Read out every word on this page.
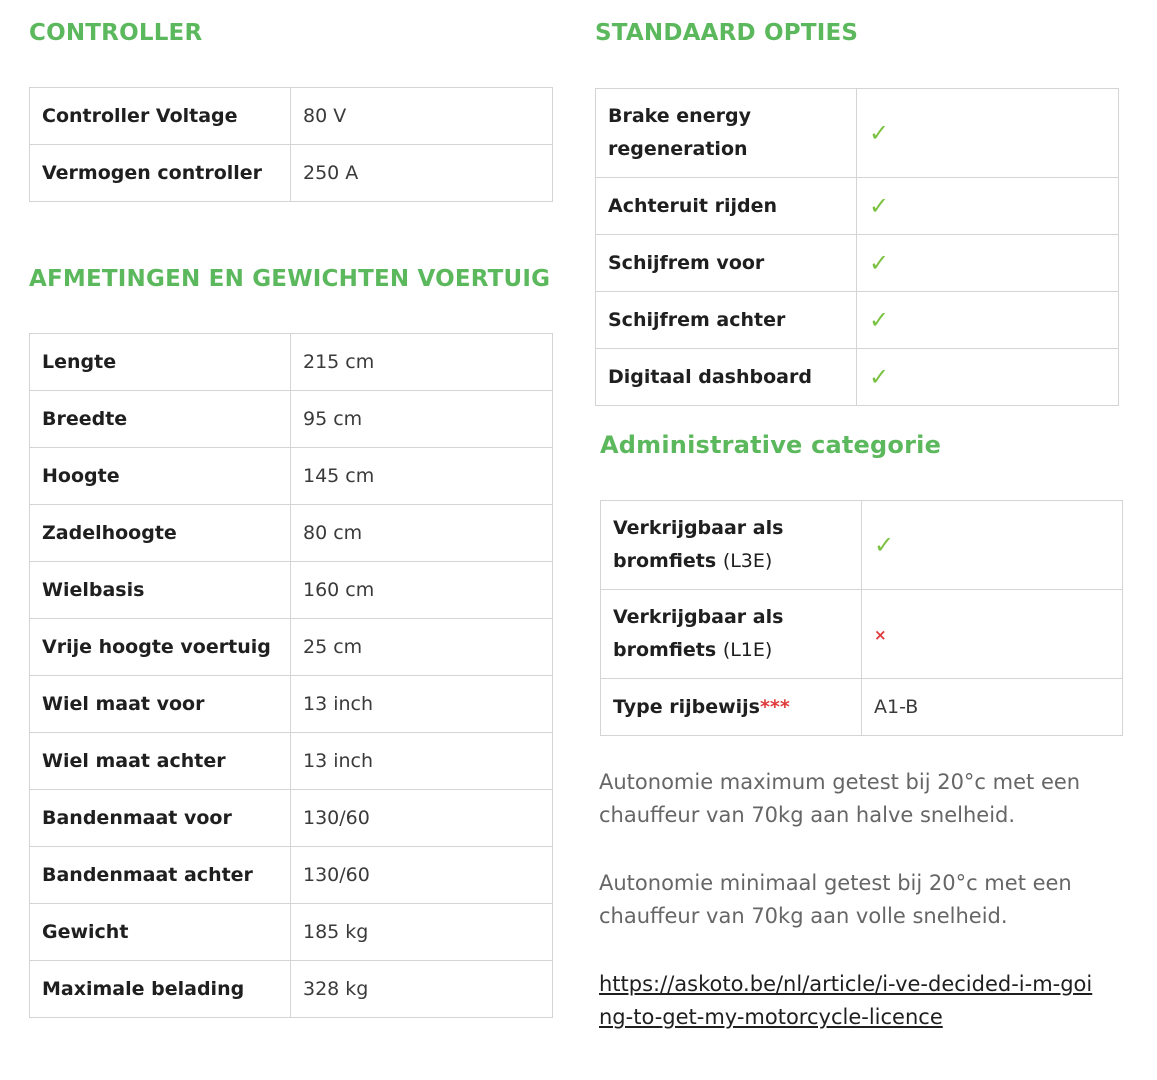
CONTROLLER
Controller Voltage	80 V
Vermogen controller	250 A
AFMETINGEN EN GEWICHTEN VOERTUIG
Lengte	215 cm
Breedte	95 cm
Hoogte	145 cm
Zadelhoogte	80 cm
Wielbasis	160 cm
Vrije hoogte voertuig	25 cm
Wiel maat voor	13 inch
Wiel maat achter	13 inch
Bandenmaat voor	130/60
Bandenmaat achter	130/60
Gewicht	185 kg
Maximale belading	328 kg
STANDAARD OPTIES
Brake energy
regeneration	✓
Achteruit rijden	✓
Schijfrem voor	✓
Schijfrem achter	✓
Digitaal dashboard	✓
Administrative categorie
Verkrijgbaar als
bromfiets (L3E)	✓
Verkrijgbaar als
bromfiets (L1E)	×
Type rijbewijs***	A1-B

Autonomie maximum getest bij 20°c met een chauffeur van 70kg aan halve snelheid.

Autonomie minimaal getest bij 20°c met een chauffeur van 70kg aan volle snelheid.

https://askoto.be/nl/article/i-ve-decided-i-m-going-to-get-my-motorcycle-licence
